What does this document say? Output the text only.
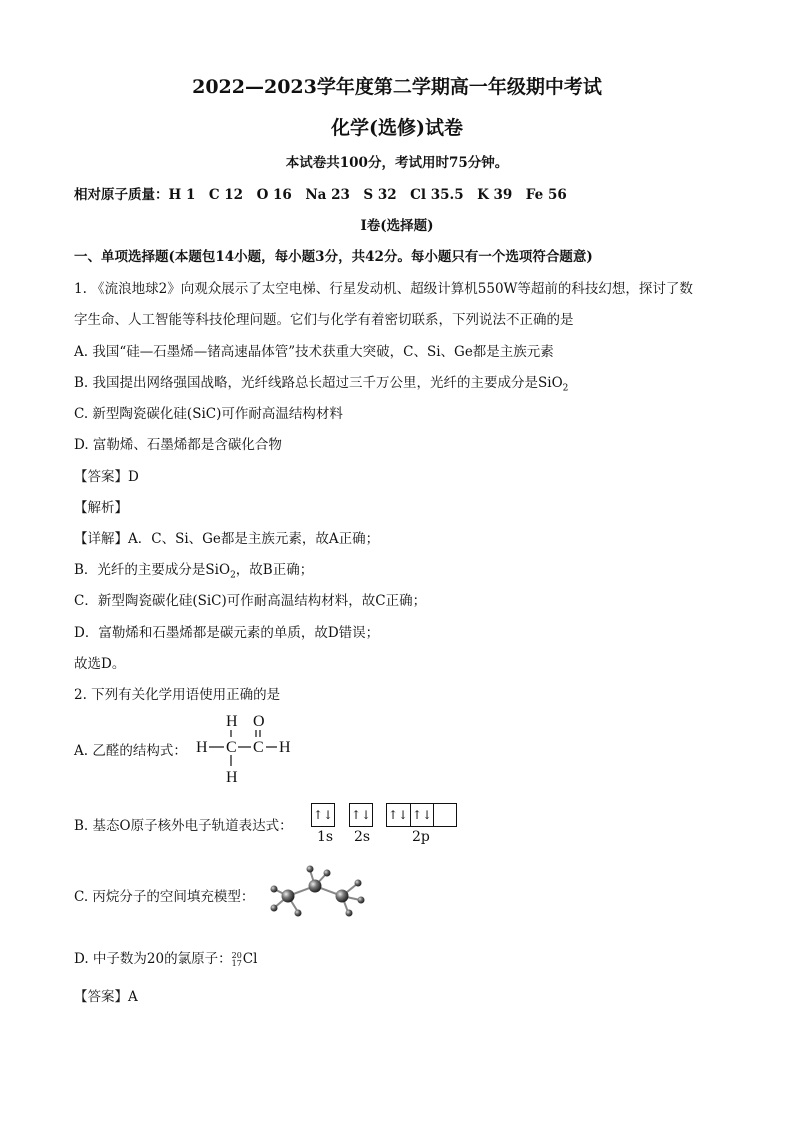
2022—2023学年度第二学期高一年级期中考试
化学(选修)试卷
本试卷共100分，考试用时75分钟。
相对原子质量：H 1　C 12　O 16　Na 23　S 32　Cl 35.5　K 39　Fe 56
I卷(选择题)
一、单项选择题(本题包14小题，每小题3分，共42分。每小题只有一个选项符合题意)
1. 《流浪地球2》向观众展示了太空电梯、行星发动机、超级计算机550W等超前的科技幻想，探讨了数
字生命、人工智能等科技伦理问题。它们与化学有着密切联系，下列说法不正确的是
A. 我国“硅—石墨烯—锗高速晶体管”技术获重大突破，C、Si、Ge都是主族元素
B. 我国提出网络强国战略，光纤线路总长超过三千万公里，光纤的主要成分是SiO$_2$
C. 新型陶瓷碳化硅(SiC)可作耐高温结构材料
D. 富勒烯、石墨烯都是含碳化合物
【答案】D
【解析】
【详解】A．C、Si、Ge都是主族元素，故A正确；
B．光纤的主要成分是SiO$_2$，故B正确；
C．新型陶瓷碳化硅(SiC)可作耐高温结构材料，故C正确；
D．富勒烯和石墨烯都是碳元素的单质，故D错误；
故选D。
2. 下列有关化学用语使用正确的是
A. 乙醛的结构式：
H O
H C C H
H
B. 基态O原子核外电子轨道表达式：
↑↓ ↑↓ ↑↓ ↑↓
1s 2s	2p
C. 丙烷分子的空间填充模型：
D. 中子数为20的氯原子：20
17Cl
【答案】A
